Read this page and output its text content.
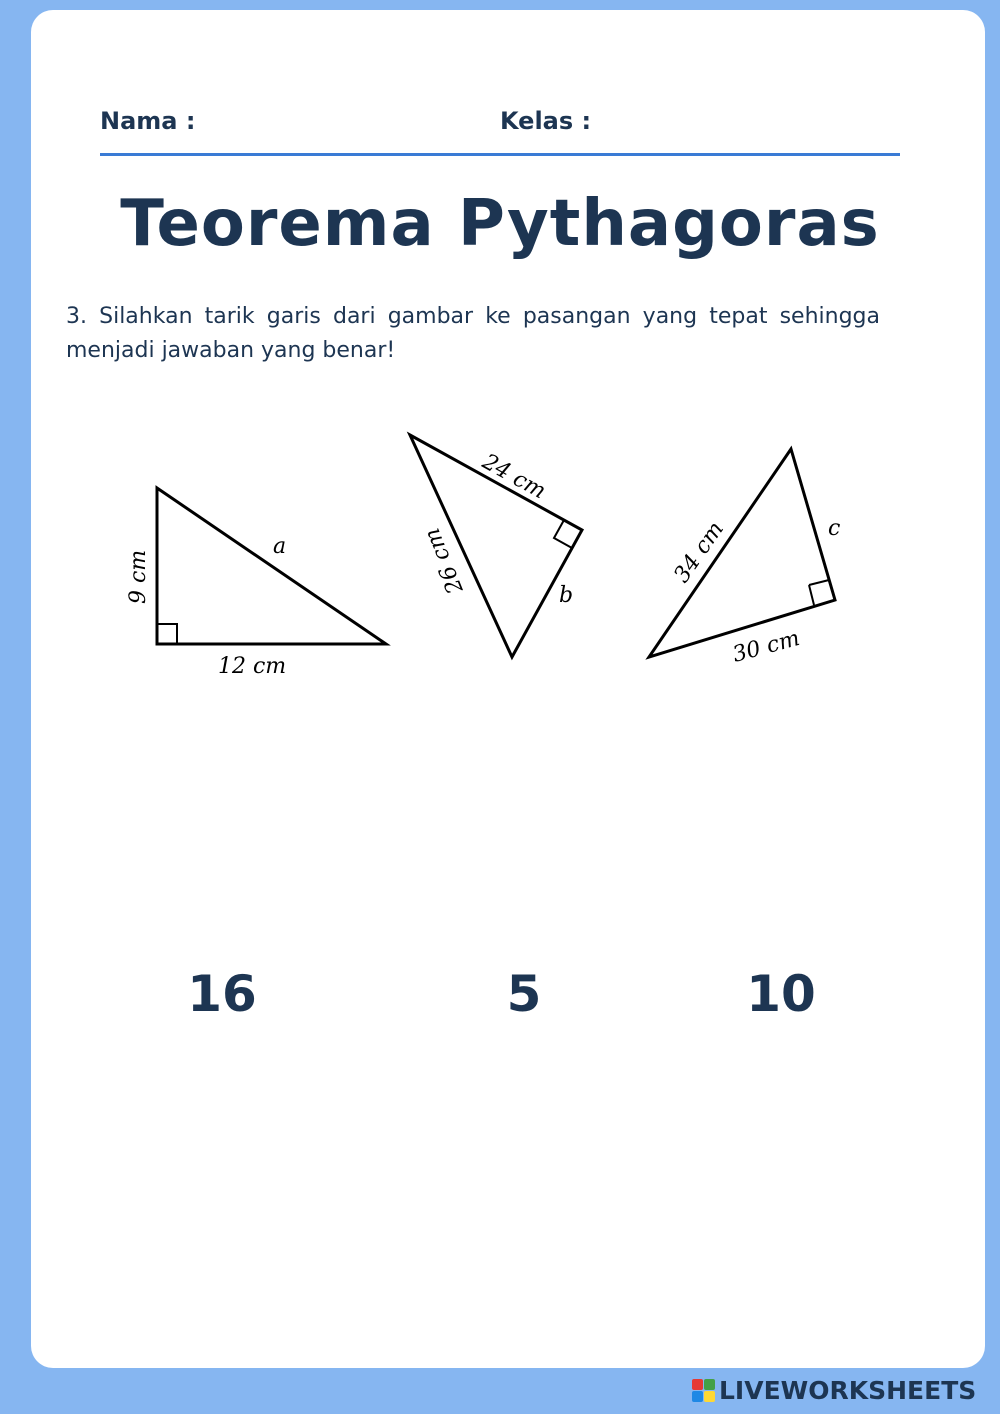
Nama :	Kelas :
Teorema Pythagoras
3. Silahkan tarik garis dari gambar ke pasangan yang tepat sehingga menjadi jawaban yang benar!
9 cm
12 cm
a
24 cm
26 cm	b
34 cm
30 cm
c
16	5	10
LIVEWORKSHEETS
